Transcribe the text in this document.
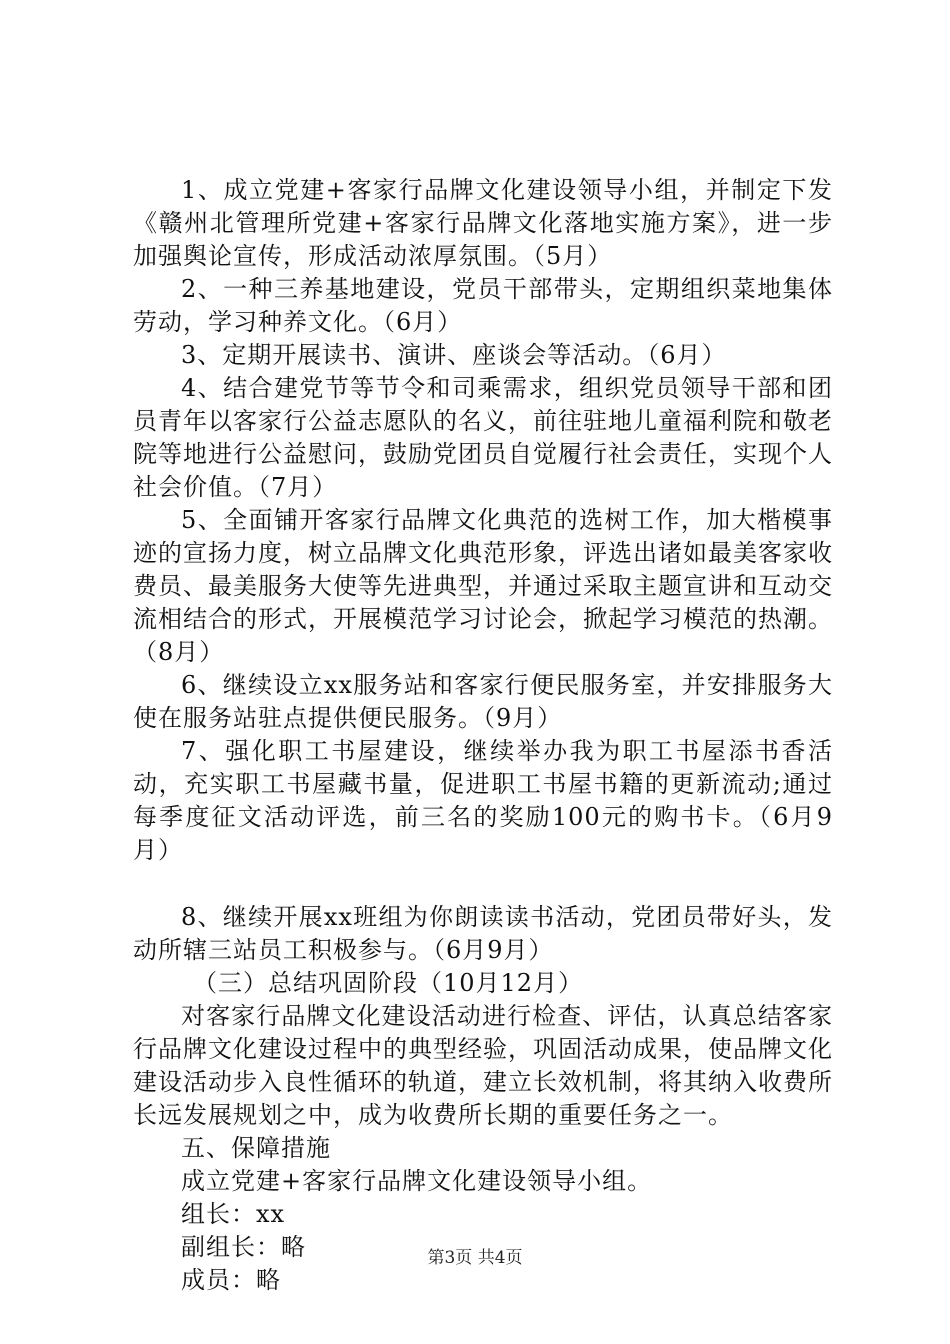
1、成立党建+客家行品牌文化建设领导小组，并制定下发《赣州北管理所党建+客家行品牌文化落地实施方案》，进一步加强舆论宣传，形成活动浓厚氛围。（5月）

2、一种三养基地建设，党员干部带头，定期组织菜地集体劳动，学习种养文化。（6月）

3、定期开展读书、演讲、座谈会等活动。（6月）

4、结合建党节等节令和司乘需求，组织党员领导干部和团员青年以客家行公益志愿队的名义，前往驻地儿童福利院和敬老院等地进行公益慰问，鼓励党团员自觉履行社会责任，实现个人社会价值。（7月）

5、全面铺开客家行品牌文化典范的选树工作，加大楷模事迹的宣扬力度，树立品牌文化典范形象，评选出诸如最美客家收费员、最美服务大使等先进典型，并通过采取主题宣讲和互动交流相结合的形式，开展模范学习讨论会，掀起学习模范的热潮。（8月）

6、继续设立xx服务站和客家行便民服务室，并安排服务大使在服务站驻点提供便民服务。（9月）

7、强化职工书屋建设，继续举办我为职工书屋添书香活动，充实职工书屋藏书量，促进职工书屋书籍的更新流动;通过每季度征文活动评选，前三名的奖励100元的购书卡。（6月9月）

8、继续开展xx班组为你朗读读书活动，党团员带好头，发动所辖三站员工积极参与。（6月9月）

（三）总结巩固阶段（10月12月）

对客家行品牌文化建设活动进行检查、评估，认真总结客家行品牌文化建设过程中的典型经验，巩固活动成果，使品牌文化建设活动步入良性循环的轨道，建立长效机制，将其纳入收费所长远发展规划之中，成为收费所长期的重要任务之一。

五、保障措施

成立党建+客家行品牌文化建设领导小组。

组长：xx

副组长：略

成员：略

第3页 共4页
